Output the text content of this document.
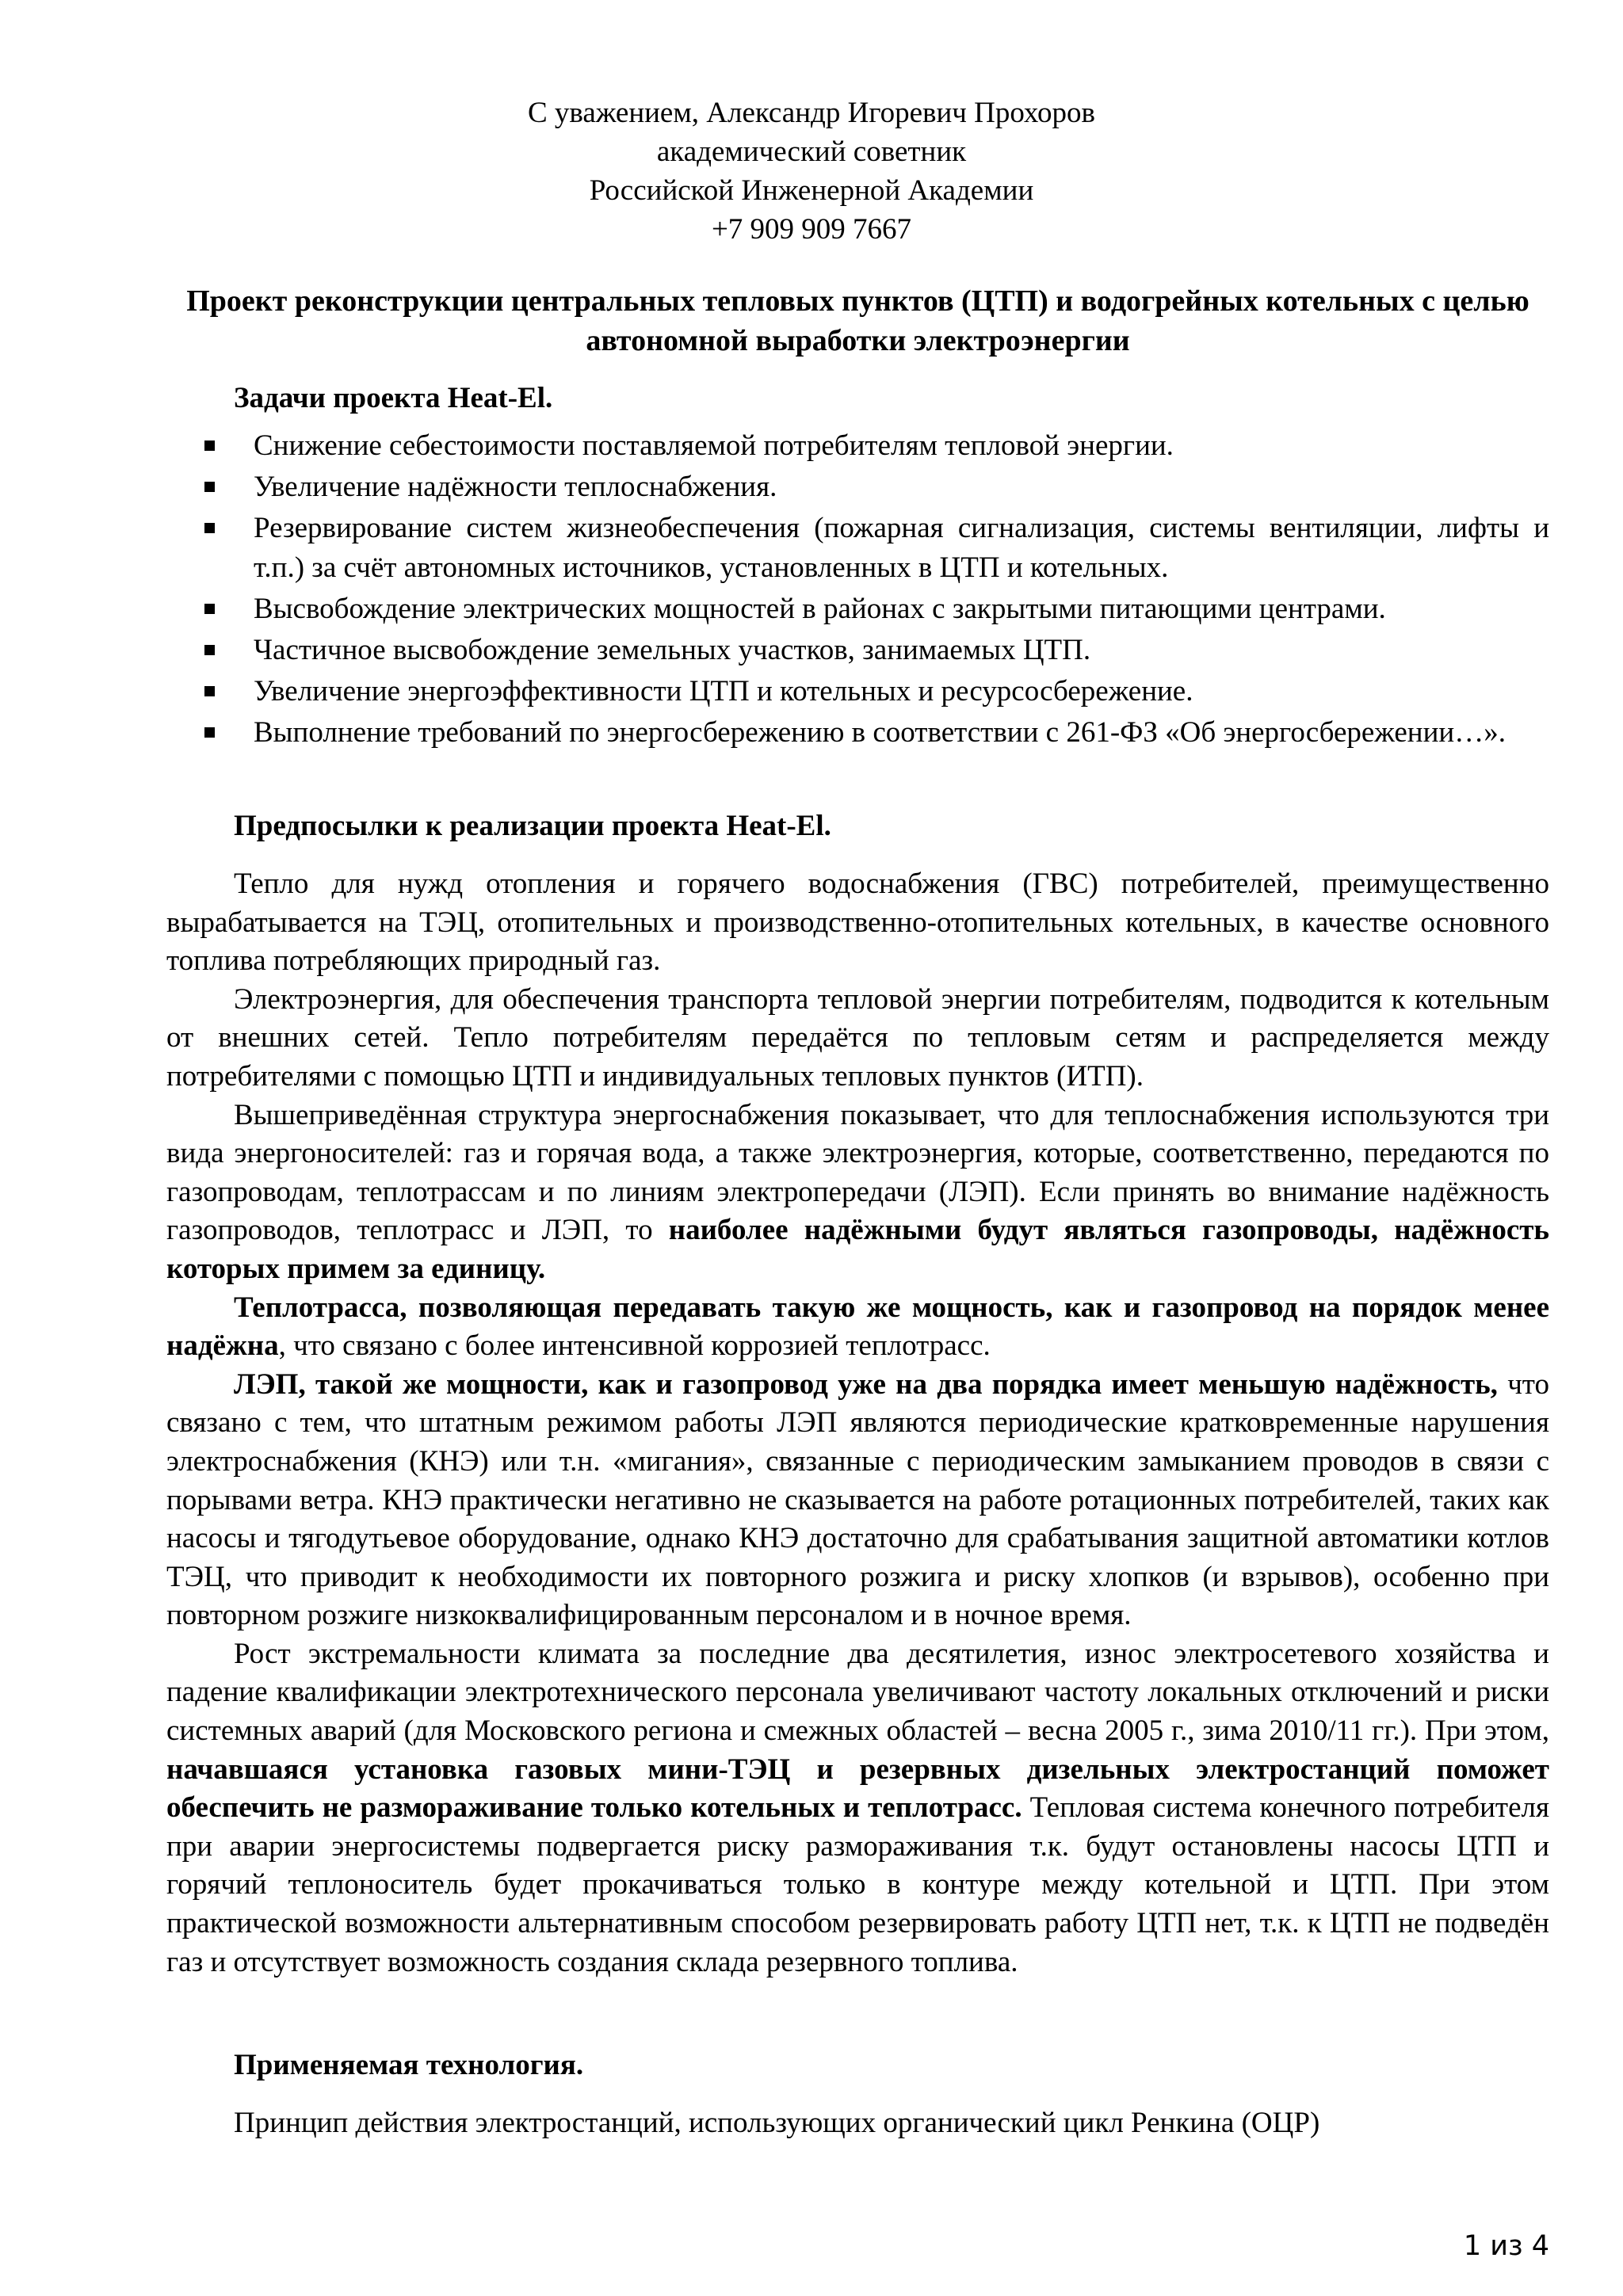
С уважением, Александр Игоревич Прохоров
академический советник
Российской Инженерной Академии
+7 909 909 7667
Проект реконструкции центральных тепловых пунктов (ЦТП) и водогрейных котельных с целью автономной выработки электроэнергии
Задачи проекта Heat-El.
Снижение себестоимости поставляемой потребителям тепловой энергии.
Увеличение надёжности теплоснабжения.
Резервирование систем жизнеобеспечения (пожарная сигнализация, системы вентиляции, лифты и т.п.) за счёт автономных источников, установленных в ЦТП и котельных.
Высвобождение электрических мощностей в районах с закрытыми питающими центрами.
Частичное высвобождение земельных участков, занимаемых ЦТП.
Увеличение энергоэффективности ЦТП и котельных и ресурсосбережение.
Выполнение требований по энергосбережению в соответствии с 261-ФЗ «Об энергосбережении…».
Предпосылки к реализации проекта Heat-El.

Тепло для нужд отопления и горячего водоснабжения (ГВС) потребителей, преимущественно вырабатывается на ТЭЦ, отопительных и производственно-отопительных котельных, в качестве основного топлива потребляющих природный газ.

Электроэнергия, для обеспечения транспорта тепловой энергии потребителям, подводится к котельным от внешних сетей. Тепло потребителям передаётся по тепловым сетям и распределяется между потребителями с помощью ЦТП и индивидуальных тепловых пунктов (ИТП).

Вышеприведённая структура энергоснабжения показывает, что для теплоснабжения используются три вида энергоносителей: газ и горячая вода, а также электроэнергия, которые, соответственно, передаются по газопроводам, теплотрассам и по линиям электропередачи (ЛЭП). Если принять во внимание надёжность газопроводов, теплотрасс и ЛЭП, то наиболее надёжными будут являться газопроводы, надёжность которых примем за единицу.

Теплотрасса, позволяющая передавать такую же мощность, как и газопровод на порядок менее надёжна, что связано с более интенсивной коррозией теплотрасс.

ЛЭП, такой же мощности, как и газопровод уже на два порядка имеет меньшую надёжность, что связано с тем, что штатным режимом работы ЛЭП являются периодические кратковременные нарушения электроснабжения (КНЭ) или т.н. «мигания», связанные с периодическим замыканием проводов в связи с порывами ветра. КНЭ практически негативно не сказывается на работе ротационных потребителей, таких как насосы и тягодутьевое оборудование, однако КНЭ достаточно для срабатывания защитной автоматики котлов ТЭЦ, что приводит к необходимости их повторного розжига и риску хлопков (и взрывов), особенно при повторном розжиге низкоквалифицированным персоналом и в ночное время.

Рост экстремальности климата за последние два десятилетия, износ электросетевого хозяйства и падение квалификации электротехнического персонала увеличивают частоту локальных отключений и риски системных аварий (для Московского региона и смежных областей – весна 2005 г., зима 2010/11 гг.). При этом, начавшаяся установка газовых мини-ТЭЦ и резервных дизельных электростанций поможет обеспечить не размораживание только котельных и теплотрасс. Тепловая система конечного потребителя при аварии энергосистемы подвергается риску размораживания т.к. будут остановлены насосы ЦТП и горячий теплоноситель будет прокачиваться только в контуре между котельной и ЦТП. При этом практической возможности альтернативным способом резервировать работу ЦТП нет, т.к. к ЦТП не подведён газ и отсутствует возможность создания склада резервного топлива.

Применяемая технология.

Принцип действия электростанций, использующих органический цикл Ренкина (ОЦР)

1 из 4
